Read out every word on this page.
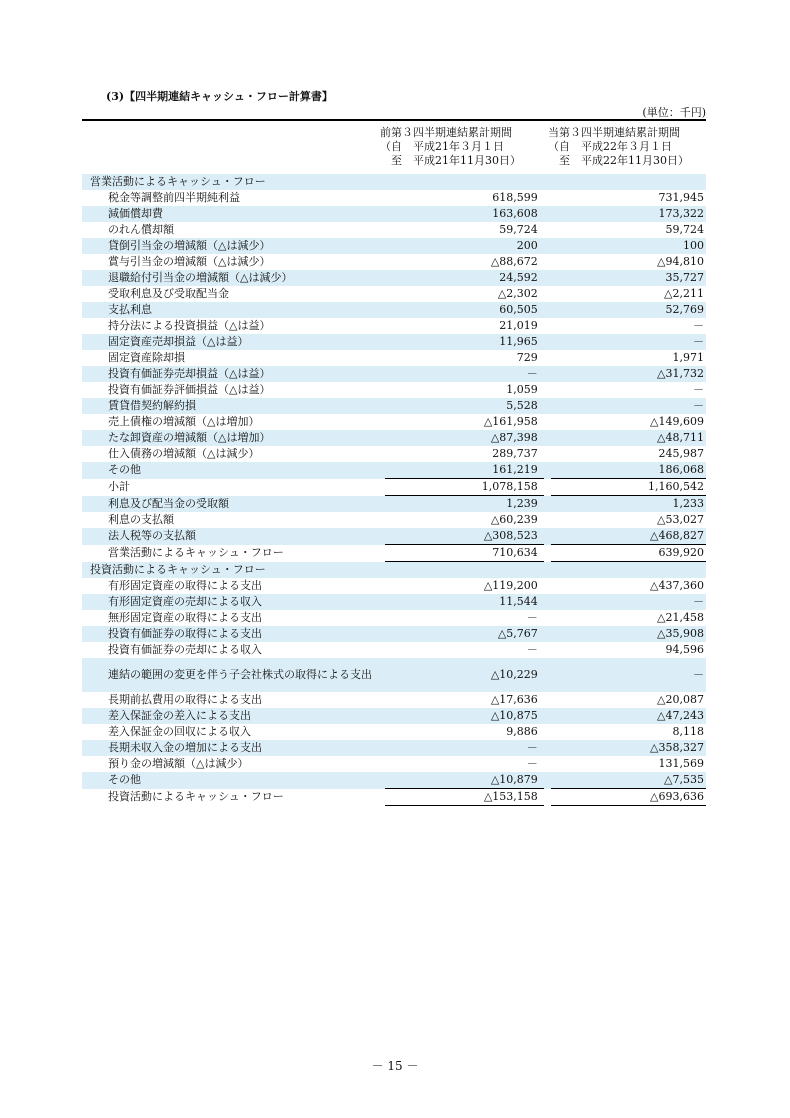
(3)【四半期連結キャッシュ・フロー計算書】
(単位：千円)
前第３四半期連結累計期間
（自　平成21年３月１日
　至　平成21年11月30日）
当第３四半期連結累計期間
（自　平成22年３月１日
　至　平成22年11月30日）
営業活動によるキャッシュ・フロー			
税金等調整前四半期純利益	618,599		731,945
減価償却費	163,608		173,322
のれん償却額	59,724		59,724
貸倒引当金の増減額（△は減少）	200		100
賞与引当金の増減額（△は減少）	△88,672		△94,810
退職給付引当金の増減額（△は減少）	24,592		35,727
受取利息及び受取配当金	△2,302		△2,211
支払利息	60,505		52,769
持分法による投資損益（△は益）	21,019		－
固定資産売却損益（△は益）	11,965		－
固定資産除却損	729		1,971
投資有価証券売却損益（△は益）	－		△31,732
投資有価証券評価損益（△は益）	1,059		－
賃貸借契約解約損	5,528		－
売上債権の増減額（△は増加）	△161,958		△149,609
たな卸資産の増減額（△は増加）	△87,398		△48,711
仕入債務の増減額（△は減少）	289,737		245,987
その他	161,219		186,068
小計	1,078,158		1,160,542
利息及び配当金の受取額	1,239		1,233
利息の支払額	△60,239		△53,027
法人税等の支払額	△308,523		△468,827
営業活動によるキャッシュ・フロー	710,634		639,920
投資活動によるキャッシュ・フロー			
有形固定資産の取得による支出	△119,200		△437,360
有形固定資産の売却による収入	11,544		－
無形固定資産の取得による支出	－		△21,458
投資有価証券の取得による支出	△5,767		△35,908
投資有価証券の売却による収入	－		94,596
連結の範囲の変更を伴う子会社株式の取得による支出	△10,229		－
長期前払費用の取得による支出	△17,636		△20,087
差入保証金の差入による支出	△10,875		△47,243
差入保証金の回収による収入	9,886		8,118
長期未収入金の増加による支出	－		△358,327
預り金の増減額（△は減少）	－		131,569
その他	△10,879		△7,535
投資活動によるキャッシュ・フロー	△153,158		△693,636
－ 15 －
